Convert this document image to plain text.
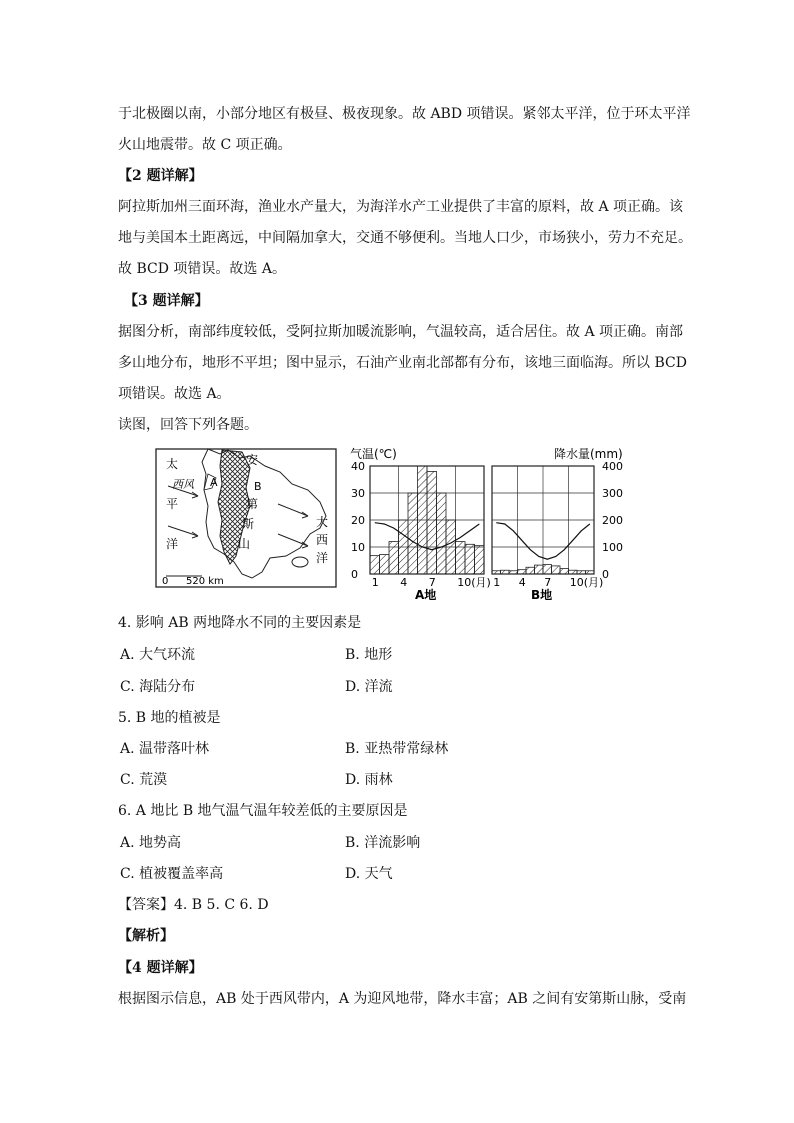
于北极圈以南，小部分地区有极昼、极夜现象。故 ABD 项错误。紧邻太平洋，位于环太平洋
火山地震带。故 C 项正确。
【2 题详解】
阿拉斯加州三面环海，渔业水产量大，为海洋水产工业提供了丰富的原料，故 A 项正确。该
地与美国本土距离远，中间隔加拿大，交通不够便利。当地人口少，市场狭小，劳力不充足。
故 BCD 项错误。故选 A。
【3 题详解】
据图分析，南部纬度较低，受阿拉斯加暖流影响，气温较高，适合居住。故 A 项正确。南部
多山地分布，地形不平坦；图中显示，石油产业南北部都有分布，该地三面临海。所以 BCD
项错误。故选 A。
读图，回答下列各题。
太
西风
平
洋
A
安
B
第
斯
山
大
西
洋
0 520 km
气温(℃)
40
30
20
10
0
1 4 7 10(月)
A地
降水量(mm)
1 4 7 10(月)
B地
400
300
200
100
0
4. 影响 AB 两地降水不同的主要因素是
A. 大气环流	B. 地形
C. 海陆分布	D. 洋流
5. B 地的植被是
A. 温带落叶林	B. 亚热带常绿林
C. 荒漠	D. 雨林
6. A 地比 B 地气温气温年较差低的主要原因是
A. 地势高	B. 洋流影响
C. 植被覆盖率高	D. 天气
【答案】4. B 5. C 6. D
【解析】
【4 题详解】
根据图示信息，AB 处于西风带内，A 为迎风地带，降水丰富；AB 之间有安第斯山脉，受南
